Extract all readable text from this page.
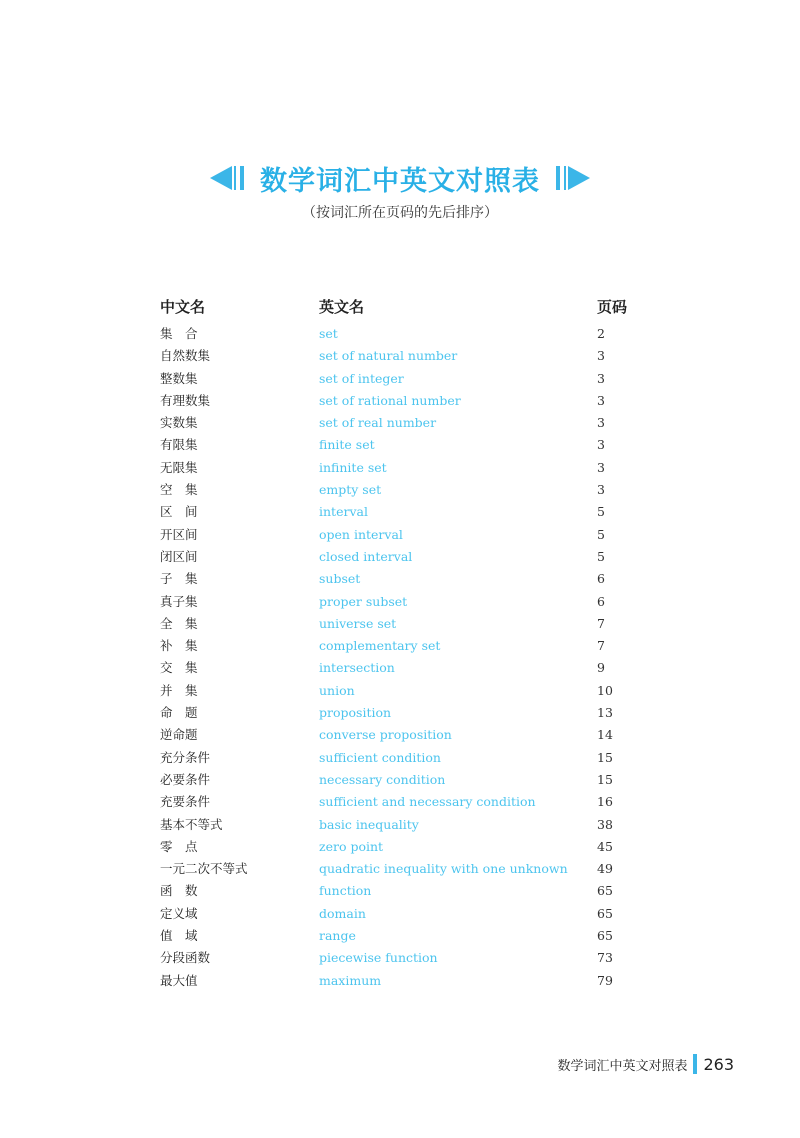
数学词汇中英文对照表
（按词汇所在页码的先后排序）
中文名	英文名	页码
集　合	set	2
自然数集	set of natural number	3
整数集	set of integer	3
有理数集	set of rational number	3
实数集	set of real number	3
有限集	finite set	3
无限集	infinite set	3
空　集	empty set	3
区　间	interval	5
开区间	open interval	5
闭区间	closed interval	5
子　集	subset	6
真子集	proper subset	6
全　集	universe set	7
补　集	complementary set	7
交　集	intersection	9
并　集	union	10
命　题	proposition	13
逆命题	converse proposition	14
充分条件	sufficient condition	15
必要条件	necessary condition	15
充要条件	sufficient and necessary condition	16
基本不等式	basic inequality	38
零　点	zero point	45
一元二次不等式	quadratic inequality with one unknown 49
函　数	function	65
定义域	domain	65
值　域	range	65
分段函数	piecewise function	73
最大值	maximum	79
数学词汇中英文对照表 263
